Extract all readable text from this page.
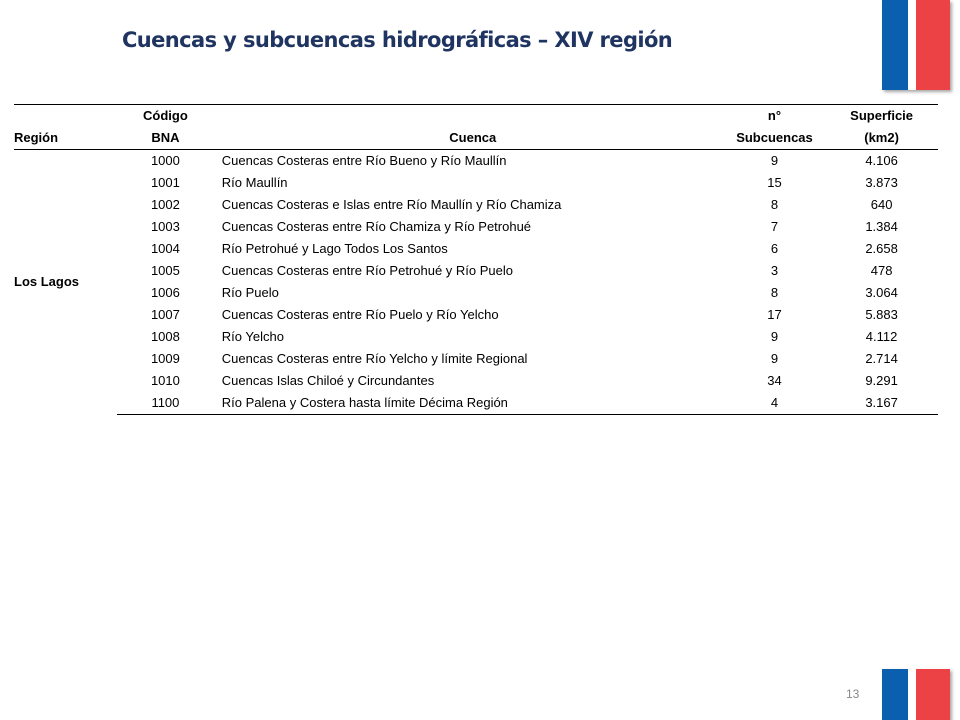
Cuencas y subcuencas hidrográficas – XIV región
	Código		n°	Superficie
Región	BNA	Cuenca	Subcuencas	(km2)
Los Lagos	1000	Cuencas Costeras entre Río Bueno y Río Maullín	9	4.106
	1001	Río Maullín	15	3.873
	1002	Cuencas Costeras e Islas entre Río Maullín y Río Chamiza	8	640
	1003	Cuencas Costeras entre Río Chamiza y Río Petrohué	7	1.384
	1004	Río Petrohué y Lago Todos Los Santos	6	2.658
	1005	Cuencas Costeras entre Río Petrohué y Río Puelo	3	478
	1006	Río Puelo	8	3.064
	1007	Cuencas Costeras entre Río Puelo y Río Yelcho	17	5.883
	1008	Río Yelcho	9	4.112
	1009	Cuencas Costeras entre Río Yelcho y límite Regional	9	2.714
	1010	Cuencas Islas Chiloé y Circundantes	34	9.291
	1100	Río Palena y Costera hasta límite Décima Región	4	3.167
13
